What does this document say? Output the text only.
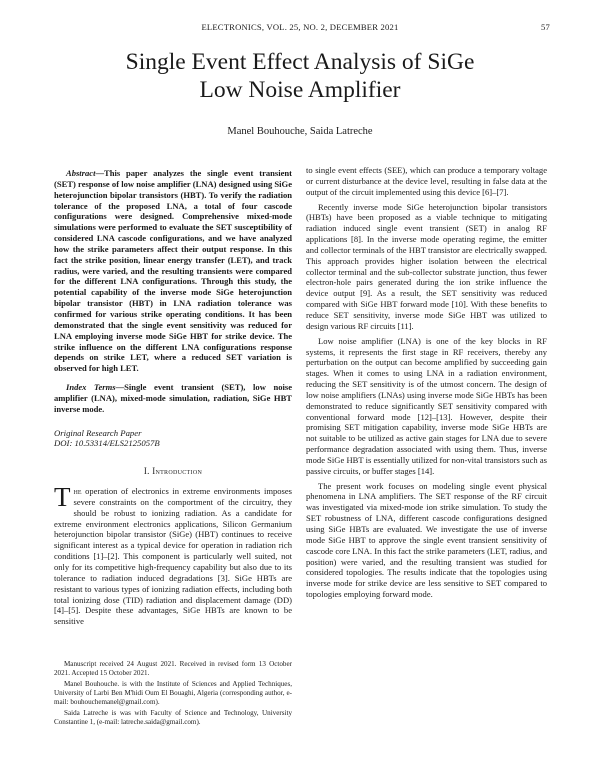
ELECTRONICS, VOL. 25, NO. 2, DECEMBER 2021	57
Single Event Effect Analysis of SiGe
Low Noise Amplifier
Manel Bouhouche, Saida Latreche

Abstract—This paper analyzes the single event transient (SET) response of low noise amplifier (LNA) designed using SiGe heterojunction bipolar transistors (HBT). To verify the radiation tolerance of the proposed LNA, a total of four cascode configurations were designed. Comprehensive mixed-mode simulations were performed to evaluate the SET susceptibility of considered LNA cascode configurations, and we have analyzed how the strike parameters affect their output response. In this fact the strike position, linear energy transfer (LET), and track radius, were varied, and the resulting transients were compared for the different LNA configurations. Through this study, the potential capability of the inverse mode SiGe heterojunction bipolar transistor (HBT) in LNA radiation tolerance was confirmed for various strike operating conditions. It has been demonstrated that the single event sensitivity was reduced for LNA employing inverse mode SiGe HBT for strike device. The strike influence on the different LNA configurations response depends on strike LET, where a reduced SET variation is observed for high LET.

Index Terms—Single event transient (SET), low noise amplifier (LNA), mixed-mode simulation, radiation, SiGe HBT inverse mode.

Original Research Paper
DOI: 10.53314/ELS2125057B
I. Introduction

The operation of electronics in extreme environments imposes severe constraints on the comportment of the circuitry, they should be robust to ionizing radiation. As a candidate for extreme environment electronics applications, Silicon Germanium heterojunction bipolar transistor (SiGe) (HBT) continues to receive significant interest as a typical device for operation in radiation rich conditions [1]–[2]. This component is particularly well suited, not only for its competitive high-frequency capability but also due to its tolerance to radiation induced degradations [3]. SiGe HBTs are resistant to various types of ionizing radiation effects, including both total ionizing dose (TID) radiation and displacement damage (DD) [4]–[5]. Despite these advantages, SiGe HBTs are known to be sensitive

to single event effects (SEE), which can produce a temporary voltage or current disturbance at the device level, resulting in false data at the output of the circuit implemented using this device [6]–[7].

Recently inverse mode SiGe heterojunction bipolar transistors (HBTs) have been proposed as a viable technique to mitigating radiation induced single event transient (SET) in analog RF applications [8]. In the inverse mode operating regime, the emitter and collector terminals of the HBT transistor are electrically swapped. This approach provides higher isolation between the electrical collector terminal and the sub-collector substrate junction, thus fewer electron-hole pairs generated during the ion strike influence the device output [9]. As a result, the SET sensitivity was reduced compared with SiGe HBT forward mode [10]. With these benefits to reduce SET sensitivity, inverse mode SiGe HBT was utilized to design various RF circuits [11].

Low noise amplifier (LNA) is one of the key blocks in RF systems, it represents the first stage in RF receivers, thereby any perturbation on the output can become amplified by succeeding gain stages. When it comes to using LNA in a radiation environment, reducing the SET sensitivity is of the utmost concern. The design of low noise amplifiers (LNAs) using inverse mode SiGe HBTs has been demonstrated to reduce significantly SET sensitivity compared with conventional forward mode [12]–[13]. However, despite their promising SET mitigation capability, inverse mode SiGe HBTs are not suitable to be utilized as active gain stages for LNA due to severe performance degradation associated with using them. Thus, inverse mode SiGe HBT is essentially utilized for non-vital transistors such as passive circuits, or buffer stages [14].

The present work focuses on modeling single event physical phenomena in LNA amplifiers. The SET response of the RF circuit was investigated via mixed-mode ion strike simulation. To study the SET robustness of LNA, different cascode configurations designed using SiGe HBTs are evaluated. We investigate the use of inverse mode SiGe HBT to approve the single event transient sensitivity of cascode core LNA. In this fact the strike parameters (LET, radius, and position) were varied, and the resulting transient was studied for considered topologies. The results indicate that the topologies using inverse mode for strike device are less sensitive to SET compared to topologies employing forward mode.

Manuscript received 24 August 2021. Received in revised form 13 October 2021. Accepted 15 October 2021.

Manel Bouhouche. is with the Institute of Sciences and Applied Techniques, University of Larbi Ben M'hidi Oum El Bouaghi, Algeria (corresponding author, e-mail: bouhouchemanel@gmail.com).

Saida Latreche is was with Faculty of Science and Technology, University Constantine 1, (e-mail: latreche.saida@gmail.com).
